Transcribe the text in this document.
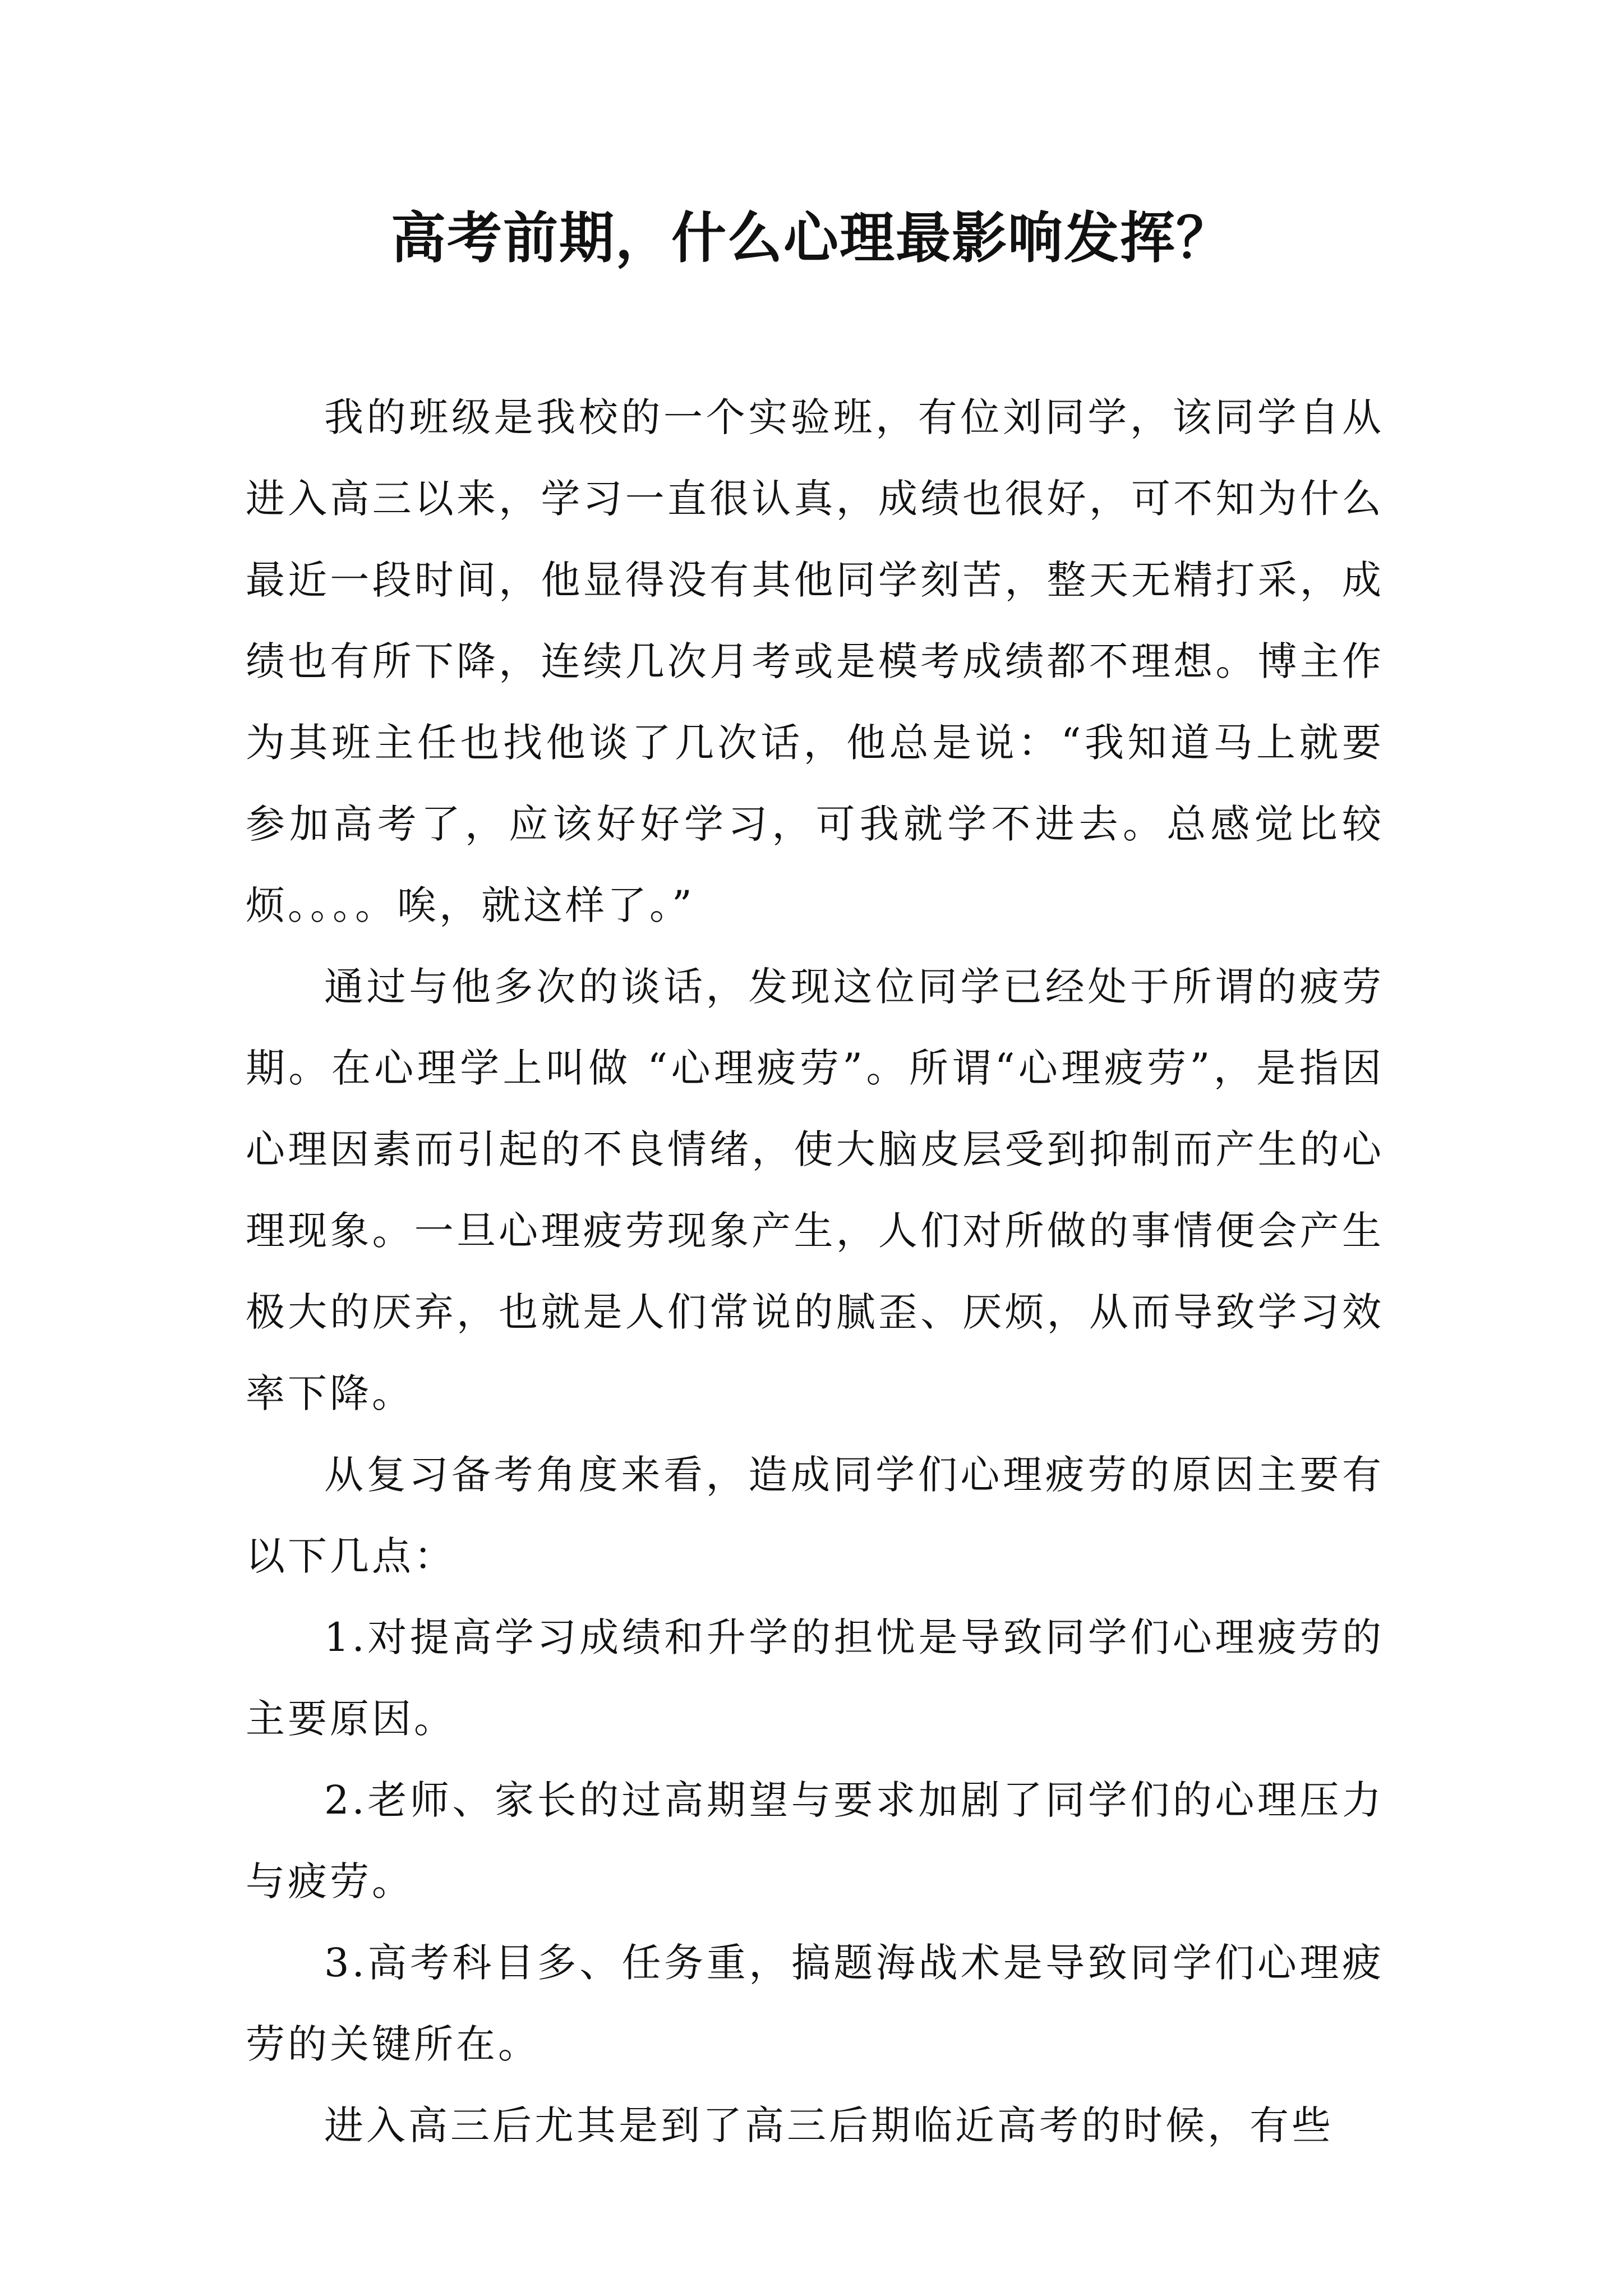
高考前期，什么心理最影响发挥？

我的班级是我校的一个实验班，有位刘同学，该同学自从进入高三以来，学习一直很认真，成绩也很好，可不知为什么最近一段时间，他显得没有其他同学刻苦，整天无精打采，成绩也有所下降，连续几次月考或是模考成绩都不理想。博主作为其班主任也找他谈了几次话，他总是说：“我知道马上就要参加高考了，应该好好学习，可我就学不进去。总感觉比较烦。。。。唉，就这样了。”

通过与他多次的谈话，发现这位同学已经处于所谓的疲劳期。在心理学上叫做 “心理疲劳”。所谓“心理疲劳”，是指因心理因素而引起的不良情绪，使大脑皮层受到抑制而产生的心理现象。一旦心理疲劳现象产生，人们对所做的事情便会产生极大的厌弃，也就是人们常说的腻歪、厌烦，从而导致学习效率下降。

从复习备考角度来看，造成同学们心理疲劳的原因主要有以下几点：

1.对提高学习成绩和升学的担忧是导致同学们心理疲劳的主要原因。

2.老师、家长的过高期望与要求加剧了同学们的心理压力与疲劳。

3.高考科目多、任务重，搞题海战术是导致同学们心理疲劳的关键所在。

进入高三后尤其是到了高三后期临近高考的时候，有些
